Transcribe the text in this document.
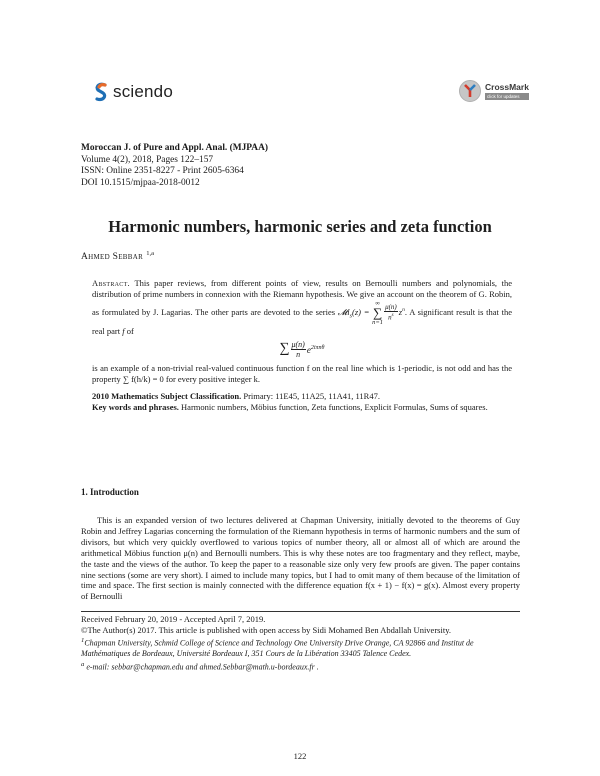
sciendo	CrossMark
click for updates
Moroccan J. of Pure and Appl. Anal. (MJPAA)
Volume 4(2), 2018, Pages 122–157
ISSN: Online 2351-8227 - Print 2605-6364
DOI 10.1515/mjpaa-2018-0012
Harmonic numbers, harmonic series and zeta function
Ahmed Sebbar $^{1,a}$
Abstract. This paper reviews, from different points of view, results on Bernoulli numbers and polynomials, the distribution of prime numbers in connexion with the Riemann hypothesis. We give an account on the theorem of G. Robin, as formulated by J. Lagarias. The other parts are devoted to the series 𝓜i$_s$(z) =
∞
∑
n=1
$\frac{\mu(n)}{n^s} z^n$. A significant result is that the real part f of
∑ $\frac{\mu(n)}{n} e^{2i\pi n\theta}$
is an example of a non-trivial real-valued continuous function f on the real line which is 1-periodic, is not odd and has the property ∑ f(h/k) = 0 for every positive integer k.
2010 Mathematics Subject Classification. Primary: 11E45, 11A25, 11A41, 11R47.
Key words and phrases. Harmonic numbers, Möbius function, Zeta functions, Explicit Formulas, Sums of squares.
1. Introduction
This is an expanded version of two lectures delivered at Chapman University, initially devoted to the theorems of Guy Robin and Jeffrey Lagarias concerning the formulation of the Riemann hypothesis in terms of harmonic numbers and the sum of divisors, but which very quickly overflowed to various topics of number theory, all or almost all of which are around the arithmetical Möbius function μ(n) and Bernoulli numbers. This is why these notes are too fragmentary and they reflect, maybe, the taste and the views of the author. To keep the paper to a reasonable size only very few proofs are given. The paper contains nine sections (some are very short). I aimed to include many topics, but I had to omit many of them because of the limitation of time and space. The first section is mainly connected with the difference equation f(x + 1) − f(x) = g(x). Almost every property of Bernoulli

Received February 20, 2019 - Accepted April 7, 2019.

©The Author(s) 2017. This article is published with open access by Sidi Mohamed Ben Abdallah University.

$^1$Chapman University, Schmid College of Science and Technology One University Drive Orange, CA 92866 and Institut de Mathématiques de Bordeaux, Université Bordeaux I, 351 Cours de la Libération 33405 Talence Cedex.

$^a$ e-mail: sebbar@chapman.edu and ahmed.Sebbar@math.u-bordeaux.fr .

122
